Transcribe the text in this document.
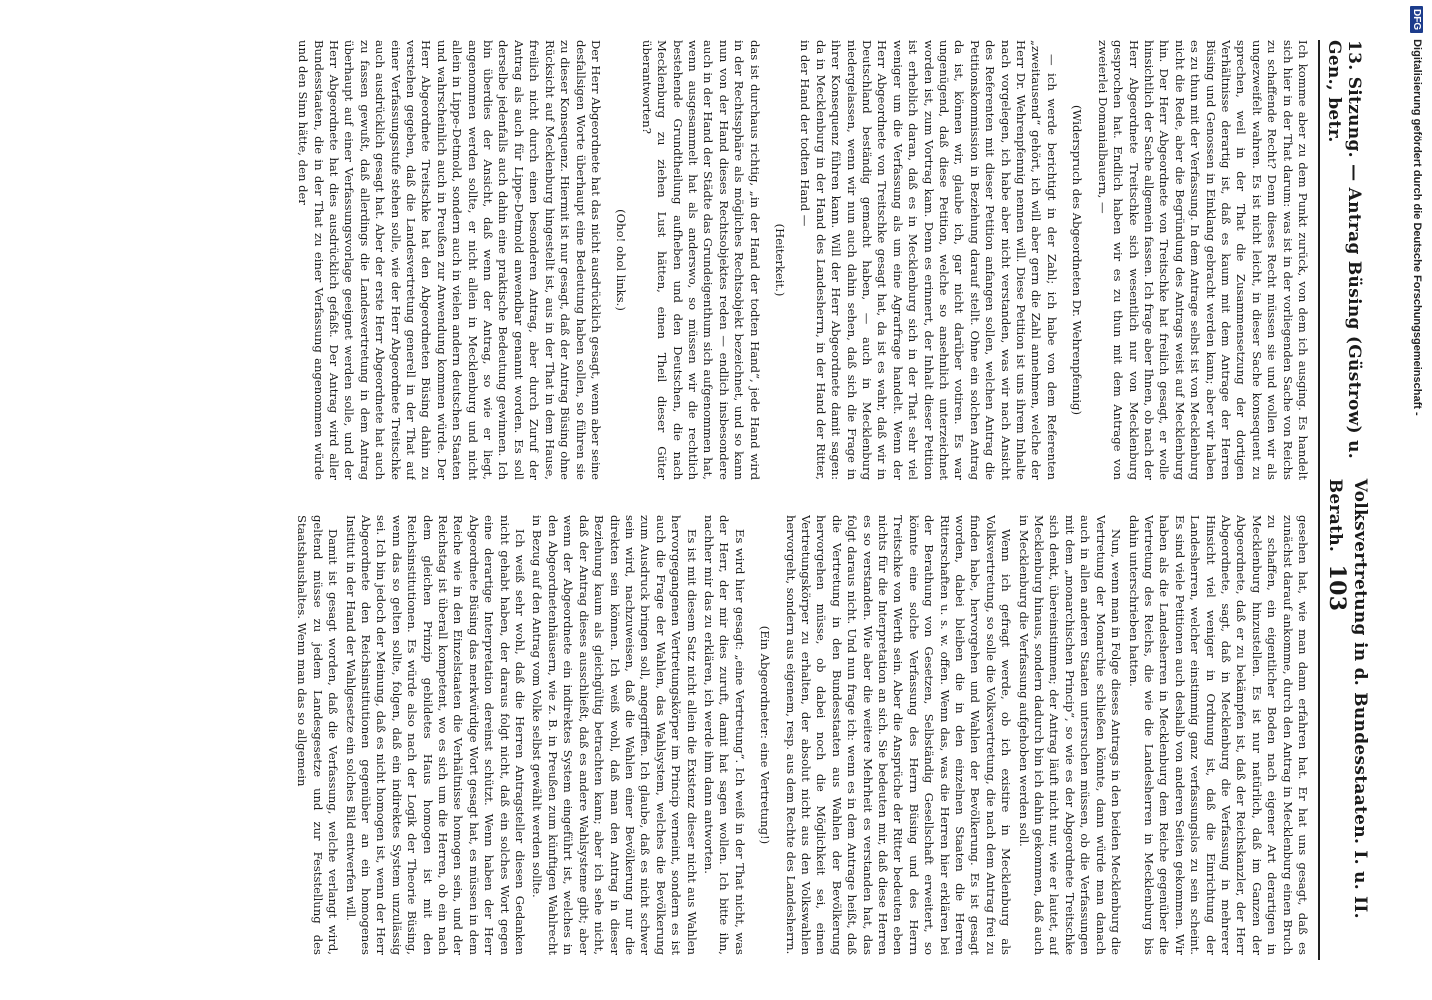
13. Sitzung. — Antrag Büsing (Güstrow) u. Gen., betr.
Volksvertretung in d. Bundesstaaten. I. u. II. Berath.  103

Ich komme aber zu dem Punkt zurück, von dem ich ausging. Es handelt sich hier in der That darum: was ist in der vorliegenden Sache von Reichs zu schaffende Recht? Denn dieses Recht müssen sie und wollen wir als ungezweifelt wahren. Es ist nicht leicht, in dieser Sache konsequent zu sprechen, weil in der That die Zusammensetzung der dortigen Verhältnisse derartig ist, daß es kaum mit dem Antrage der Herren Büsing und Genossen in Einklang gebracht werden kann; aber wir haben es zu thun mit der Verfassung. In dem Antrage selbst ist von Mecklenburg nicht die Rede, aber die Begründung des Antrags weist auf Mecklenburg hin. Der Herr Abgeordnete von Treitschke hat freilich gesagt, er wolle hinsichtlich der Sache allgemein fassen. Ich frage aber Ihnen, ob nach der Herr Abgeordnete Treitschke sich wesentlich nur von Mecklenburg gesprochen hat. Endlich haben wir es zu thun mit dem Antrage von zweierlei Domanialbauern, —

(Widerspruch des Abgeordneten Dr. Wehrenpfennig)

— ich werde berichtigt in der Zahl; ich habe von dem Referenten „zweitausend“ gehört, ich will aber gern die Zahl annehmen, welche der Herr Dr. Wehrenpfennig nennen will. Diese Petition ist uns ihrem Inhalte nach vorgelegen, ich habe aber nicht verstanden, was wir nach Ansicht des Referenten mit dieser Petition anfangen sollen, welchen Antrag die Petitionskommission in Beziehung darauf stellt. Ohne ein solchen Antrag da ist, können wir, glaube ich, gar nicht darüber votiren. Es war ungenügend, daß diese Petition, welche so ansehnlich unterzeichnet worden ist, zum Vortrag kam. Denn es erinnert, der Inhalt dieser Petition ist erheblich daran, daß es in Mecklenburg sich in der That sehr viel weniger um die Verfassung als um eine Agrarfrage handelt. Wenn der Herr Abgeordnete von Treitschke gesagt hat, da ist es wahr, daß wir in Deutschland beständig gemacht haben, — auch in Mecklenburg niedergelassen, wenn wir nun auch dahin sehen, daß sich die Frage in ihrer Konsequenz führen kann. Will der Herr Abgeordnete damit sagen: da in Mecklenburg in der Hand des Landesherrn, in der Hand der Ritter, in der Hand der todten Hand —

(Heiterkeit.)

das ist durchaus richtig, „in der Hand der todten Hand“, jede Hand wird in der Rechtssphäre als mögliches Rechtsobjekt bezeichnet, und so kann nun von der Hand dieses Rechtsobjektes reden — endlich insbesondere auch in der Hand der Städte das Grundeigenthum sich aufgenommen hat, wenn ausgesammelt hat als anderswo, so müssen wir die rechtlich bestehende Grundtheilung aufheben und den Deutschen, die nach Mecklenburg zu ziehen Lust hätten, einen Theil dieser Güter überantworten?

(Oho! ohol links.)

Der Herr Abgeordnete hat das nicht ausdrücklich gesagt, wenn aber seine desfallsigen Worte überhaupt eine Bedeutung haben sollen, so führen sie zu dieser Konsequenz. Hiermit ist nur gesagt, daß der Antrag Büsing ohne Rücksicht auf Mecklenburg hingestellt ist, aus in der That in dem Hause, freilich nicht durch einen besonderen Antrag, aber durch Zuruf der Antrag als auch für Lippe-Detmold anwendbar genannt worden. Es soll derselbe jedenfalls auch dahin eine praktische Bedeutung gewinnen. Ich bin überdies der Ansicht, daß wenn der Antrag, so wie er liegt, angenommen werden sollte, er nicht allein in Mecklenburg und nicht allein in Lippe-Detmold, sondern auch in vielen andern deutschen Staaten und wahrscheinlich auch in Preußen zur Anwendung kommen würde. Der Herr Abgeordnete Treitschke hat den Abgeordneten Büsing dahin zu verstehen gegeben, daß die Landesvertretung generell in der That auf einer Verfassungsstufe stehen solle, wie der Herr Abgeordnete Treitschke auch ausdrücklich gesagt hat. Aber der erste Herr Abgeordnete hat auch zu fassen gewußt, daß allerdings die Landesvertretung in dem Antrag überhaupt auf einer Verfassungsvorlage geeignet werden solle, und der Herr Abgeordnete hat dies ausdrücklich gefaßt. Der Antrag wird aller Bundesstaaten, die in der That zu einer Verfassung angenommen würde und den Sinn hätte, den der

gesehen hat, wie man dann erfahren hat. Er hat uns gesagt, daß es zunächst darauf ankomme, durch den Antrag in Mecklenburg einen Bruch zu schaffen, ein eigentlicher Boden nach eigener Art derartigen in Mecklenburg hinzustellen. Es ist nur natürlich, daß im Ganzen der Abgeordnete, daß er zu bekämpfen ist, daß der Reichskanzler, der Herr Abgeordnete, sagt, daß in Mecklenburg die Verfassung in mehrerer Hinsicht viel weniger in Ordnung ist, daß die Einrichtung der Landesherren, welcher einstimmig ganz verfassungslos zu sein scheint. Es sind viele Petitionen auch deshalb von anderen Seiten gekommen. Wir haben als die Landesherren in Mecklenburg dem Reiche gegenüber die Vertretung des Reichs, die wie die Landesherren in Mecklenburg bis dahin unterschrieben hatten.

Nun, wenn man in Folge dieses Antrags in den beiden Mecklenburg die Vertretung der Monarchie schließen könnte, dann würde man danach auch in allen anderen Staaten untersuchen müssen, ob die Verfassungen mit dem „monarchischen Princip“, so wie es der Abgeordnete Treitschke sich denkt, übereinstimmen; der Antrag läuft nicht nur, wie er lautet, auf Mecklenburg hinaus, sondern dadurch bin ich dahin gekommen, daß auch in Mecklenburg die Verfassung aufgehoben werden soll.

Wenn ich gefragt werde, ob ich existire in Mecklenburg als Volksvertretung, so solle die Volksvertretung, die nach dem Antrag frei zu finden habe, hervorgehen und Wahlen der Bevölkerung. Es ist gesagt worden, dabei bleiben die in den einzelnen Staaten die Herren Ritterschaften u. s. w. offen. Wenn das, was die Herren hier erklären bei der Berathung von Gesetzen, Selbständig Gesellschaft erweitert, so könnte eine solche Verfassung des Herrn Büsing und des Herrn Treitschke von Werth sein. Aber die Ansprüche der Ritter bedeuten eben nichts für die Interpretation an sich. Sie bedeuten mir, daß diese Herren es so verstanden. Wie aber die weitere Mehrheit es verstanden hat, das folgt daraus nicht. Und nun frage ich: wenn es in dem Antrage heißt, daß die Vertretung in den Bundesstaaten aus Wahlen der Bevölkerung hervorgehen müsse, ob dabei noch die Möglichkeit sei, einen Vertretungskörper zu erhalten, der absolut nicht aus den Volkswahlen hervorgeht, sondern aus eigenem, resp. aus dem Rechte des Landesherrn.

(Ein Abgeordneter: eine Vertretung!)

Es wird hier gesagt: „eine Vertretung“. Ich weiß in der That nicht, was der Herr, der mir dies zuruft, damit hat sagen wollen. Ich bitte ihn, nachher mir das zu erklären, ich werde ihm dann antworten.

Es ist mit diesem Satz nicht allein die Existenz dieser nicht aus Wahlen hervorgegangenen Vertretungskörper im Princip verneint, sondern es ist auch die Frage der Wahlen, das Wahlsystem, welches die Bevölkerung zum Ausdruck bringen soll, angegriffen. Ich glaube, daß es nicht schwer sein wird, nachzuweisen, daß die Wahlen einer Bevölkerung nur die direkten sein können. Ich weiß wohl, daß man den Antrag in dieser Beziehung kaum als gleichgültig betrachten kann; aber ich sehe nicht, daß der Antrag dieses ausschließt, daß es andere Wahlsysteme gibt; aber wenn der Abgeordnete ein indirektes System eingeführt ist, welches in den Abgeordnetenhäusern, wie z. B. in Preußen zum künftigen Wahlrecht in Bezug auf den Antrag vom Volke selbst gewählt werden sollte.

Ich weiß sehr wohl, daß die Herren Antragsteller diesen Gedanken nicht gehabt haben, der daraus folgt nicht, daß ein solches Wort gegen eine derartige Interpretation dereinst schützt. Wenn haben der Herr Abgeordnete Büsing das merkwürdige Wort gesagt hat, es müssen in dem Reiche wie in den Einzelstaaten die Verhältnisse homogen sein, und der Reichstag ist überall kompetent, wo es sich um die Herren, ob ein nach dem gleichen Prinzip gebildetes Haus homogen ist mit den Reichsinstitutionen. Es würde also nach der Logik der Theorie Büsing, wenn das so gelten sollte, folgen, daß ein indirektes System unzulässig sei. Ich bin jedoch der Meinung, daß es nicht homogen ist, wenn der Herr Abgeordnete den Reichsinstitutionen gegenüber an ein homogenes Institut in der Hand der Wahlgesetze ein solches Bild entwerfen will.

Damit ist gesagt worden, daß die Verfassung, welche verlangt wird, geltend müsse zu jedem Landesgesetze und zur Feststellung des Staatshaushaltes. Wenn man das so allgemein

DFG
Digitalisierung gefördert durch die Deutsche Forschungsgemeinschaft -
